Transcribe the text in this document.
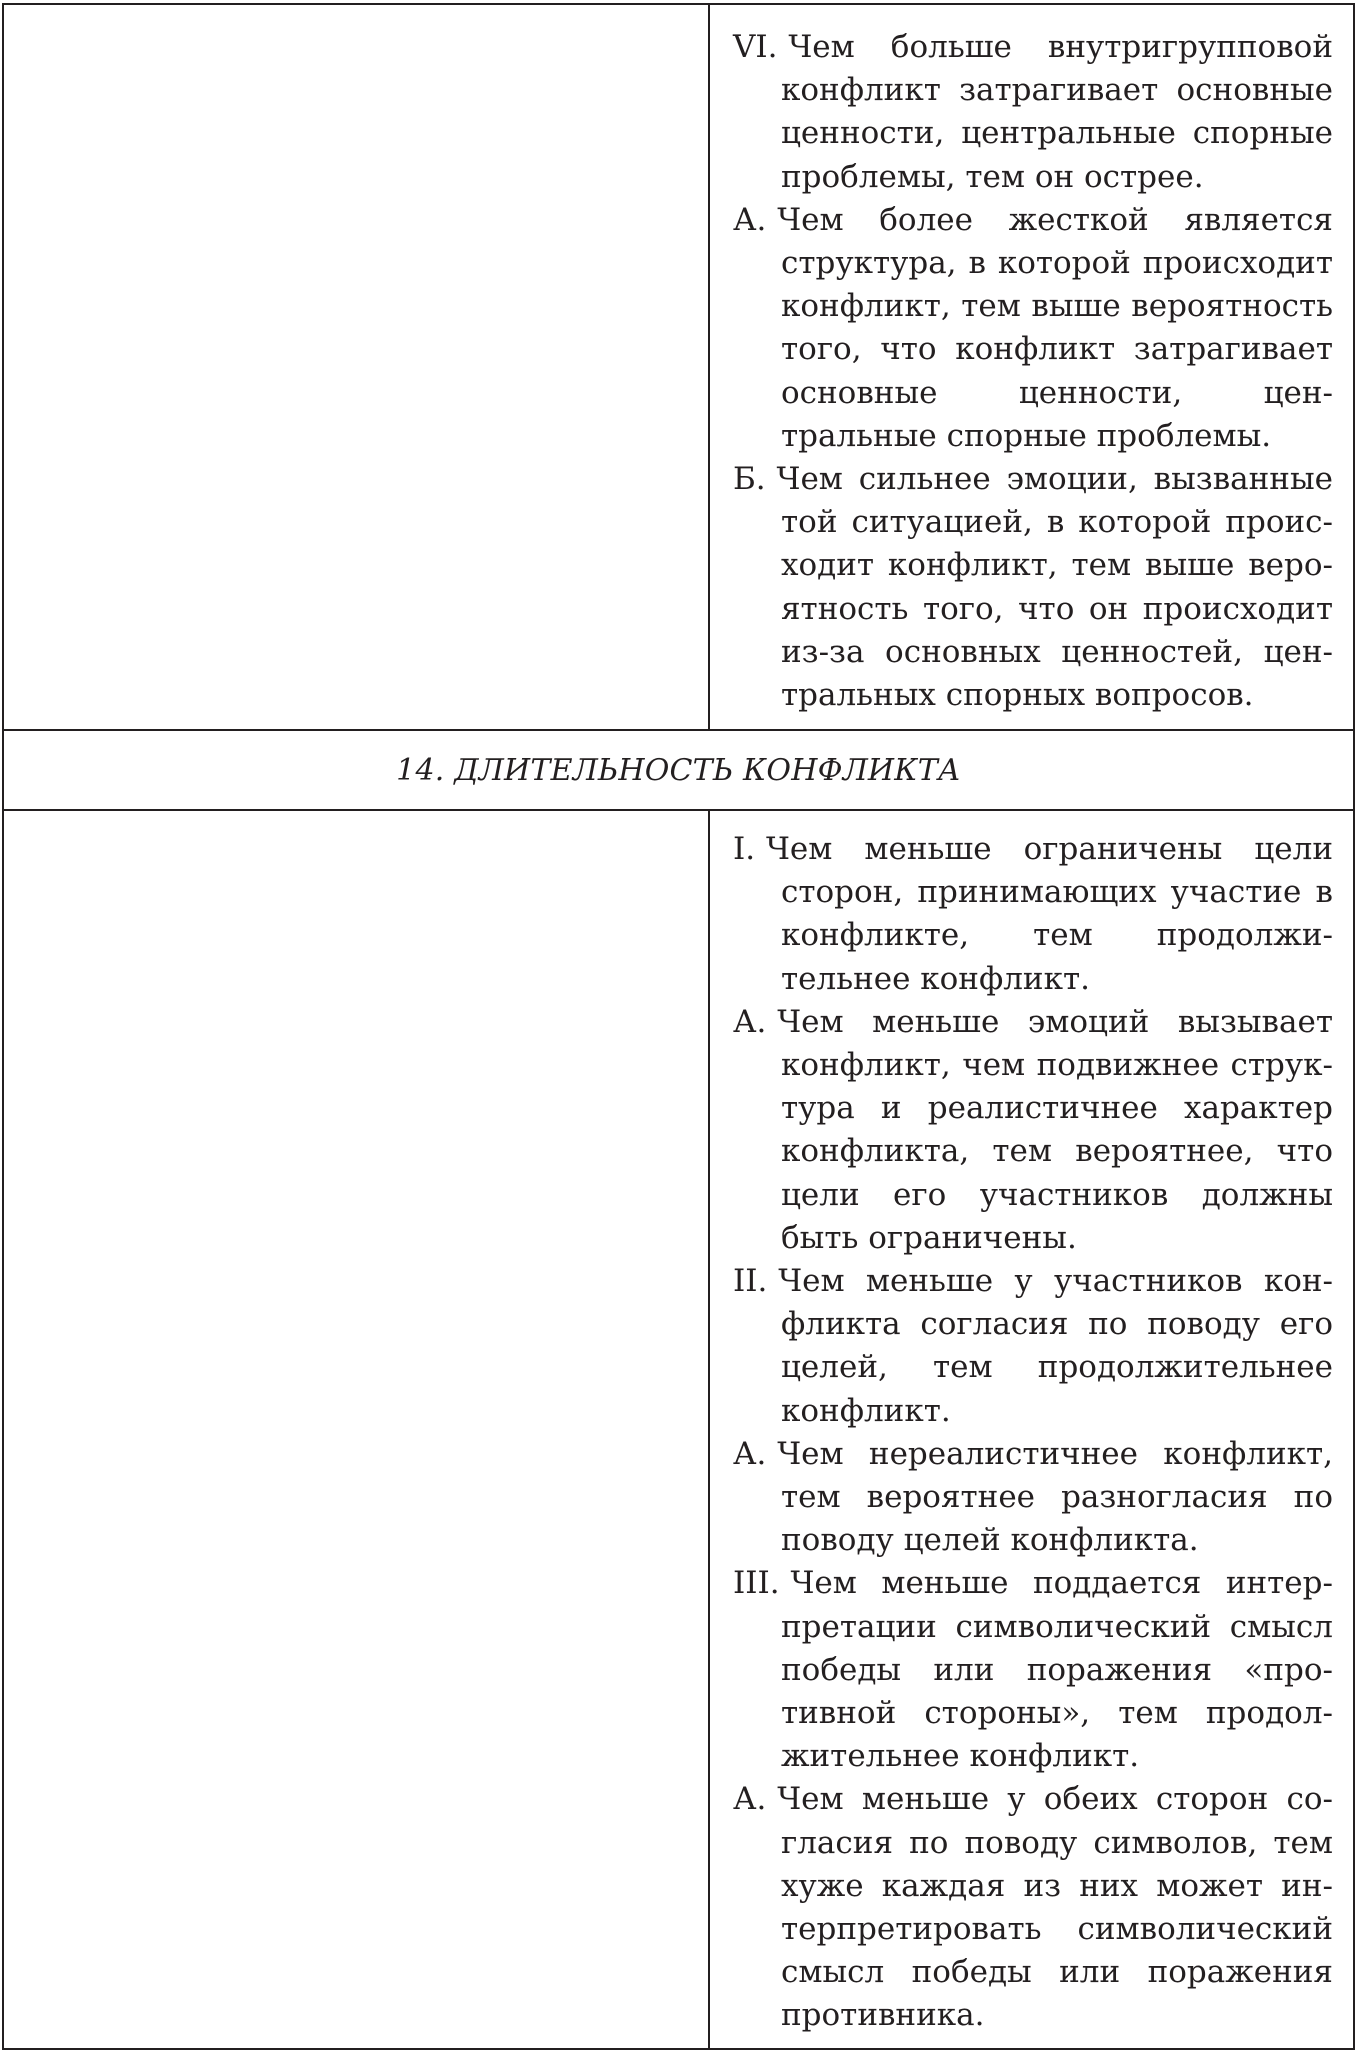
VI. Чем больше внутригрупповой конфликт затрагивает основные ценности, центральные спорные проблемы, тем он острее.

А. Чем более жесткой является структура, в которой происходит конфликт, тем выше вероятность того, что конфликт затрагивает основные ценности, центральные спорные проблемы.

Б. Чем сильнее эмоции, вызванные той ситуацией, в которой происходит конфликт, тем выше вероятность того, что он происходит из-за основных ценностей, центральных спорных вопросов.

14. ДЛИТЕЛЬНОСТЬ КОНФЛИКТА

I. Чем меньше ограничены цели сторон, принимающих участие в конфликте, тем продолжительнее конфликт.

А. Чем меньше эмоций вызывает конфликт, чем подвижнее структура и реалистичнее характер конфликта, тем вероятнее, что цели его участников должны быть ограничены.

II. Чем меньше у участников конфликта согласия по поводу его целей, тем продолжительнее конфликт.

А. Чем нереалистичнее конфликт, тем вероятнее разногласия по поводу целей конфликта.

III. Чем меньше поддается интерпретации символический смысл победы или поражения «противной стороны», тем продолжительнее конфликт.

А. Чем меньше у обеих сторон согласия по поводу символов, тем хуже каждая из них может интерпретировать символический смысл победы или поражения противника.
